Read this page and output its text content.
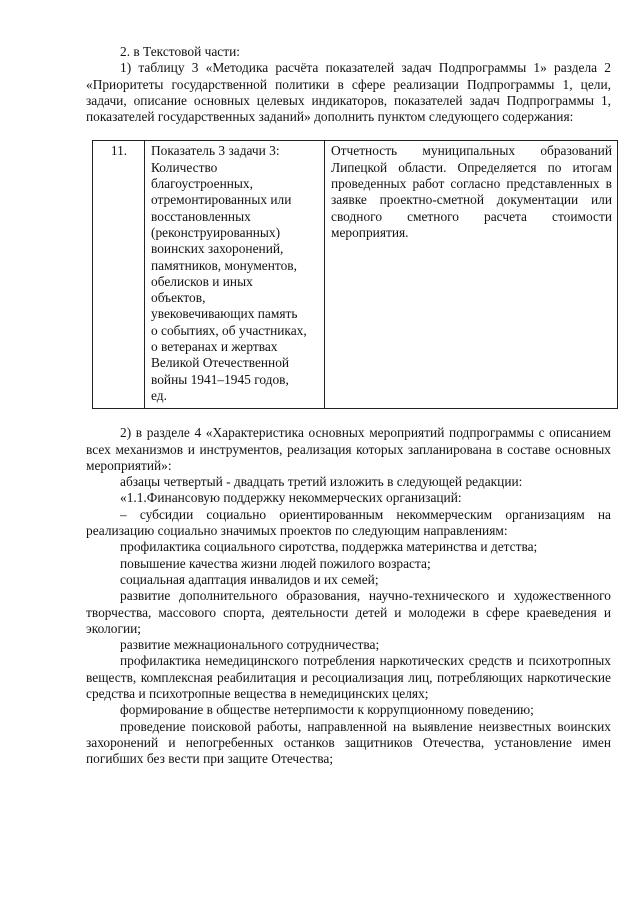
2. в Текстовой части:

1) таблицу 3 «Методика расчёта показателей задач Подпрограммы 1» раздела 2 «Приоритеты государственной политики в сфере реализации Подпрограммы 1, цели, задачи, описание основных целевых индикаторов, показателей задач Подпрограммы 1, показателей государственных заданий» дополнить пунктом следующего содержания:

11.	Показатель 3 задачи 3:
Количество
благоустроенных,
отремонтированных или
восстановленных
(реконструированных)
воинских захоронений,
памятников, монументов,
обелисков и иных
объектов,
увековечивающих память
о событиях, об участниках,
о ветеранах и жертвах
Великой Отечественной
войны 1941–1945 годов,
ед.
	Отчетность муниципальных образований Липецкой области. Определяется по итогам проведенных работ согласно представленных в заявке проектно-сметной документации или сводного сметного расчета стоимости мероприятия.

2) в разделе 4 «Характеристика основных мероприятий подпрограммы с описанием всех механизмов и инструментов, реализация которых запланирована в составе основных мероприятий»:

абзацы четвертый - двадцать третий изложить в следующей редакции:

«1.1.Финансовую поддержку некоммерческих организаций:

– субсидии социально ориентированным некоммерческим организациям на реализацию социально значимых проектов по следующим направлениям:

профилактика социального сиротства, поддержка материнства и детства;

повышение качества жизни людей пожилого возраста;

социальная адаптация инвалидов и их семей;

развитие дополнительного образования, научно-технического и художественного творчества, массового спорта, деятельности детей и молодежи в сфере краеведения и экологии;

развитие межнационального сотрудничества;

профилактика немедицинского потребления наркотических средств и психотропных веществ, комплексная реабилитация и ресоциализация лиц, потребляющих наркотические средства и психотропные вещества в немедицинских целях;

формирование в обществе нетерпимости к коррупционному поведению;

проведение поисковой работы, направленной на выявление неизвестных воинских захоронений и непогребенных останков защитников Отечества, установление имен погибших без вести при защите Отечества;
